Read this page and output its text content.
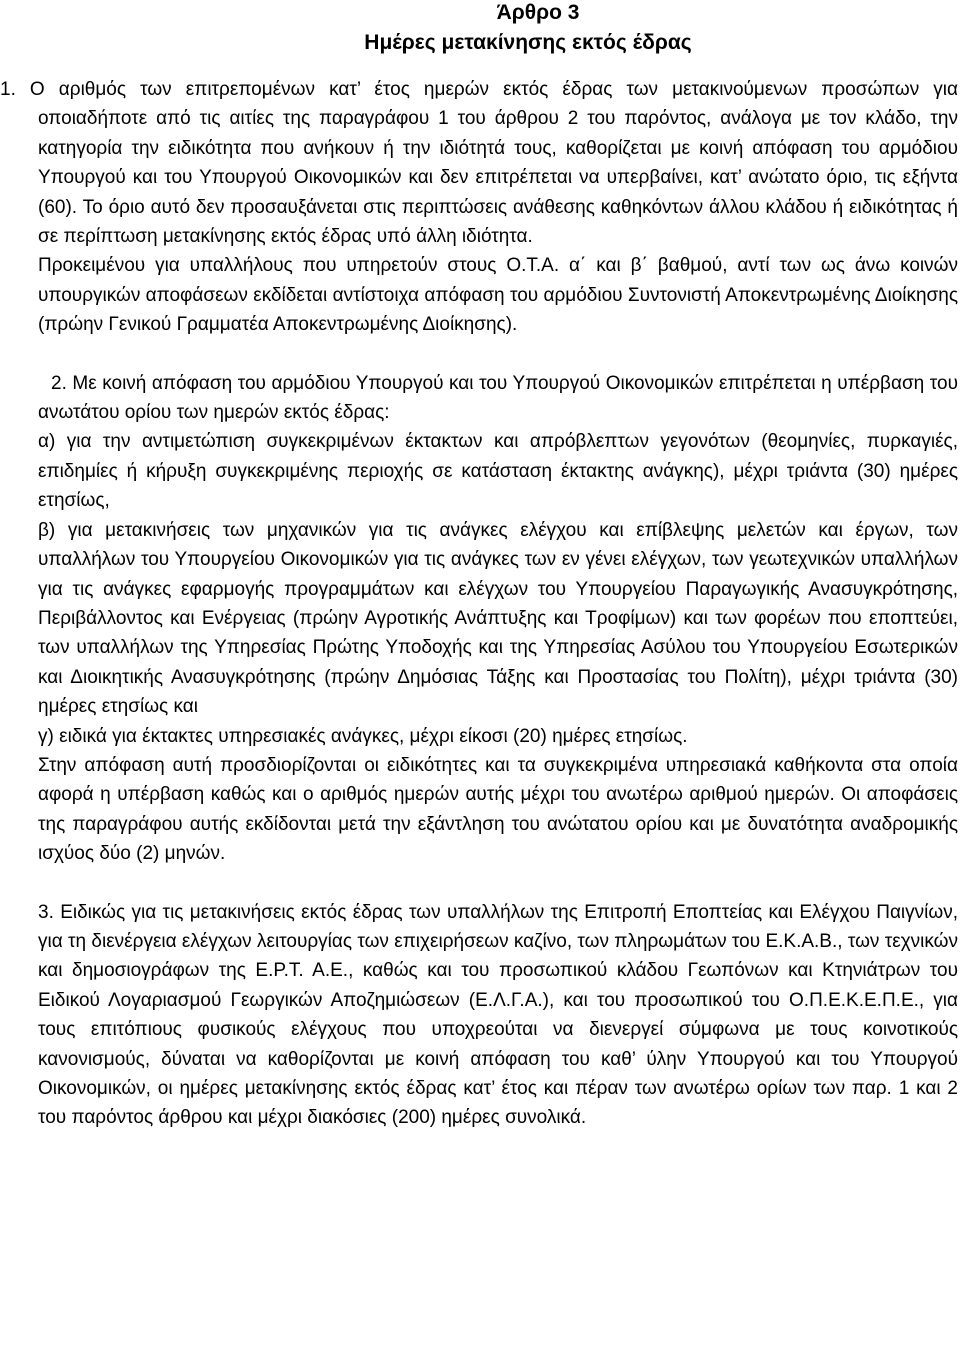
Άρθρο 3
Ημέρες μετακίνησης εκτός έδρας

1. Ο αριθμός των επιτρεπομένων κατ’ έτος ημερών εκτός έδρας των μετακινούμενων προσώπων για οποιαδήποτε από τις αιτίες της παραγράφου 1 του άρθρου 2 του παρόντος, ανάλογα με τον κλάδο, την κατηγορία την ειδικότητα που ανήκουν ή την ιδιότητά τους, καθορίζεται με κοινή απόφαση του αρμόδιου Υπουργού και του Υπουργού Οικονομικών και δεν επιτρέπεται να υπερβαίνει, κατ’ ανώτατο όριο, τις εξήντα (60). Το όριο αυτό δεν προσαυξάνεται στις περιπτώσεις ανάθεσης καθηκόντων άλλου κλάδου ή ειδικότητας ή σε περίπτωση μετακίνησης εκτός έδρας υπό άλλη ιδιότητα.

Προκειμένου για υπαλλήλους που υπηρετούν στους Ο.Τ.Α. α΄ και β΄ βαθμού, αντί των ως άνω κοινών υπουργικών αποφάσεων εκδίδεται αντίστοιχα απόφαση του αρμόδιου Συντονιστή Αποκεντρωμένης Διοίκησης (πρώην Γενικού Γραμματέα Αποκεντρωμένης Διοίκησης).

2. Με κοινή απόφαση του αρμόδιου Υπουργού και του Υπουργού Οικονομικών επιτρέπεται η υπέρβαση του ανωτάτου ορίου των ημερών εκτός έδρας:

α) για την αντιμετώπιση συγκεκριμένων έκτακτων και απρόβλεπτων γεγονότων (θεομηνίες, πυρκαγιές, επιδημίες ή κήρυξη συγκεκριμένης περιοχής σε κατάσταση έκτακτης ανάγκης), μέχρι τριάντα (30) ημέρες ετησίως,

β) για μετακινήσεις των μηχανικών για τις ανάγκες ελέγχου και επίβλεψης μελετών και έργων, των υπαλλήλων του Υπουργείου Οικονομικών για τις ανάγκες των εν γένει ελέγχων, των γεωτεχνικών υπαλλήλων για τις ανάγκες εφαρμογής προγραμμάτων και ελέγχων του Υπουργείου Παραγωγικής Ανασυγκρότησης, Περιβάλλοντος και Ενέργειας (πρώην Αγροτικής Ανάπτυξης και Τροφίμων) και των φορέων που εποπτεύει, των υπαλλήλων της Υπηρεσίας Πρώτης Υποδοχής και της Υπηρεσίας Ασύλου του Υπουργείου Εσωτερικών και Διοικητικής Ανασυγκρότησης (πρώην Δημόσιας Τάξης και Προστασίας του Πολίτη), μέχρι τριάντα (30) ημέρες ετησίως και

γ) ειδικά για έκτακτες υπηρεσιακές ανάγκες, μέχρι είκοσι (20) ημέρες ετησίως.

Στην απόφαση αυτή προσδιορίζονται οι ειδικότητες και τα συγκεκριμένα υπηρεσιακά καθήκοντα στα οποία αφορά η υπέρβαση καθώς και ο αριθμός ημερών αυτής μέχρι του ανωτέρω αριθμού ημερών. Οι αποφάσεις της παραγράφου αυτής εκδίδονται μετά την εξάντληση του ανώτατου ορίου και με δυνατότητα αναδρομικής ισχύος δύο (2) μηνών.

3. Ειδικώς για τις μετακινήσεις εκτός έδρας των υπαλλήλων της Επιτροπή Εποπτείας και Ελέγχου Παιγνίων, για τη διενέργεια ελέγχων λειτουργίας των επιχειρήσεων καζίνο, των πληρωμάτων του Ε.Κ.Α.Β., των τεχνικών και δημοσιογράφων της Ε.Ρ.Τ. Α.Ε., καθώς και του προσωπικού κλάδου Γεωπόνων και Κτηνιάτρων του Ειδικού Λογαριασμού Γεωργικών Αποζημιώσεων (Ε.Λ.Γ.Α.), και του προσωπικού του Ο.Π.Ε.Κ.Ε.Π.Ε., για τους επιτόπιους φυσικούς ελέγχους που υποχρεούται να διενεργεί σύμφωνα με τους κοινοτικούς κανονισμούς, δύναται να καθορίζονται με κοινή απόφαση του καθ’ ύλην Υπουργού και του Υπουργού Οικονομικών, οι ημέρες μετακίνησης εκτός έδρας κατ’ έτος και πέραν των ανωτέρω ορίων των παρ. 1 και 2 του παρόντος άρθρου και μέχρι διακόσιες (200) ημέρες συνολικά.
